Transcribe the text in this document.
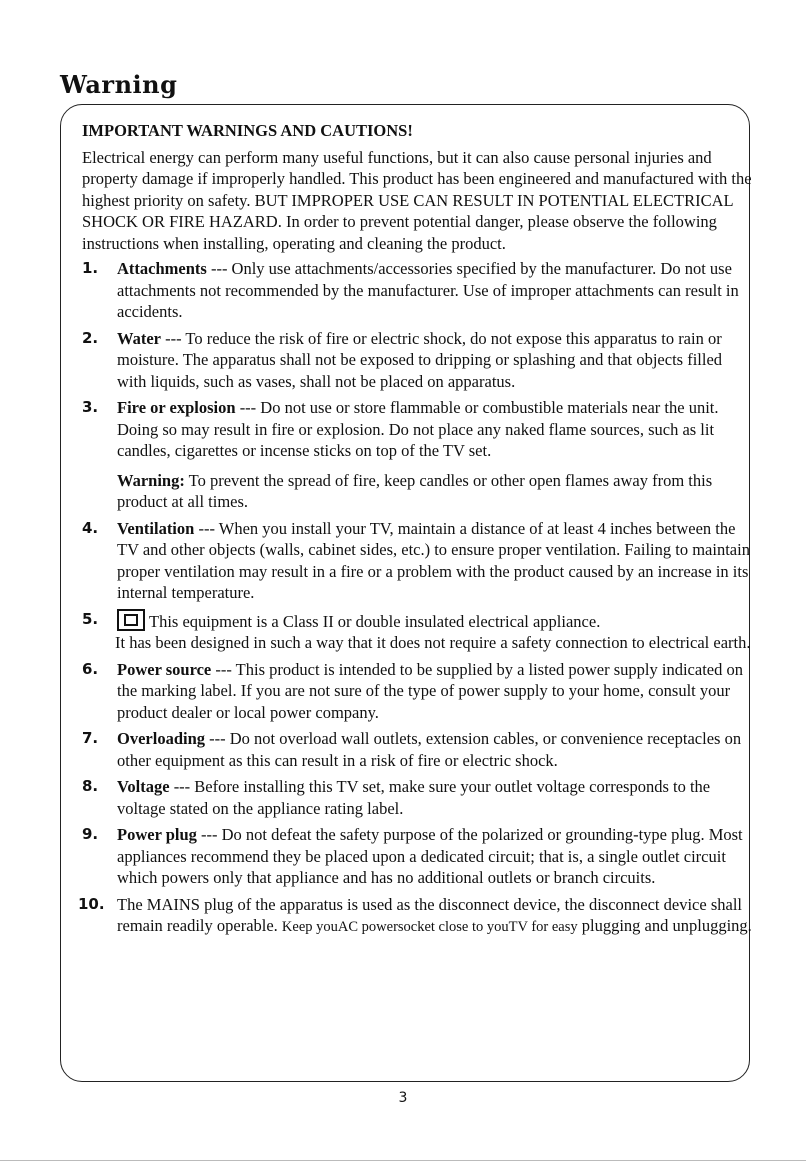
Warning

IMPORTANT WARNINGS AND CAUTIONS!

Electrical energy can perform many useful functions, but it can also cause personal injuries and property damage if improperly handled. This product has been engineered and manufactured with the highest priority on safety. BUT IMPROPER USE CAN RESULT IN POTENTIAL ELECTRICAL SHOCK OR FIRE HAZARD. In order to prevent potential danger, please observe the following instructions when installing, operating and cleaning the product.

1.	Attachments --- Only use attachments/accessories specified by the manufacturer. Do not use attachments not recommended by the manufacturer. Use of improper attachments can result in accidents.
2.	Water --- To reduce the risk of fire or electric shock, do not expose this apparatus to rain or moisture. The apparatus shall not be exposed to dripping or splashing and that objects filled with liquids, such as vases, shall not be placed on apparatus.
3.	Fire or explosion --- Do not use or store flammable or combustible materials near the unit. Doing so may result in fire or explosion. Do not place any naked flame sources, such as lit candles, cigarettes or incense sticks on top of the TV set.
Warning: To prevent the spread of fire, keep candles or other open flames away from this product at all times.
4.	Ventilation --- When you install your TV, maintain a distance of at least 4 inches between the TV and other objects (walls, cabinet sides, etc.) to ensure proper ventilation. Failing to maintain proper ventilation may result in a fire or a problem with the product caused by an increase in its internal temperature.
5.	This equipment is a Class II or double insulated electrical appliance.
It has been designed in such a way that it does not require a safety connection to electrical earth.
6.	Power source --- This product is intended to be supplied by a listed power supply indicated on the marking label. If you are not sure of the type of power supply to your home, consult your product dealer or local power company.
7.	Overloading --- Do not overload wall outlets, extension cables, or convenience receptacles on other equipment as this can result in a risk of fire or electric shock.
8.	Voltage --- Before installing this TV set, make sure your outlet voltage corresponds to the voltage stated on the appliance rating label.
9.	Power plug --- Do not defeat the safety purpose of the polarized or grounding-type plug. Most appliances recommend they be placed upon a dedicated circuit; that is, a single outlet circuit which powers only that appliance and has no additional outlets or branch circuits.
10. The MAINS plug of the apparatus is used as the disconnect device, the disconnect device shall remain readily operable. Keep youAC powersocket close to youTV for easy plugging and unplugging.
3
